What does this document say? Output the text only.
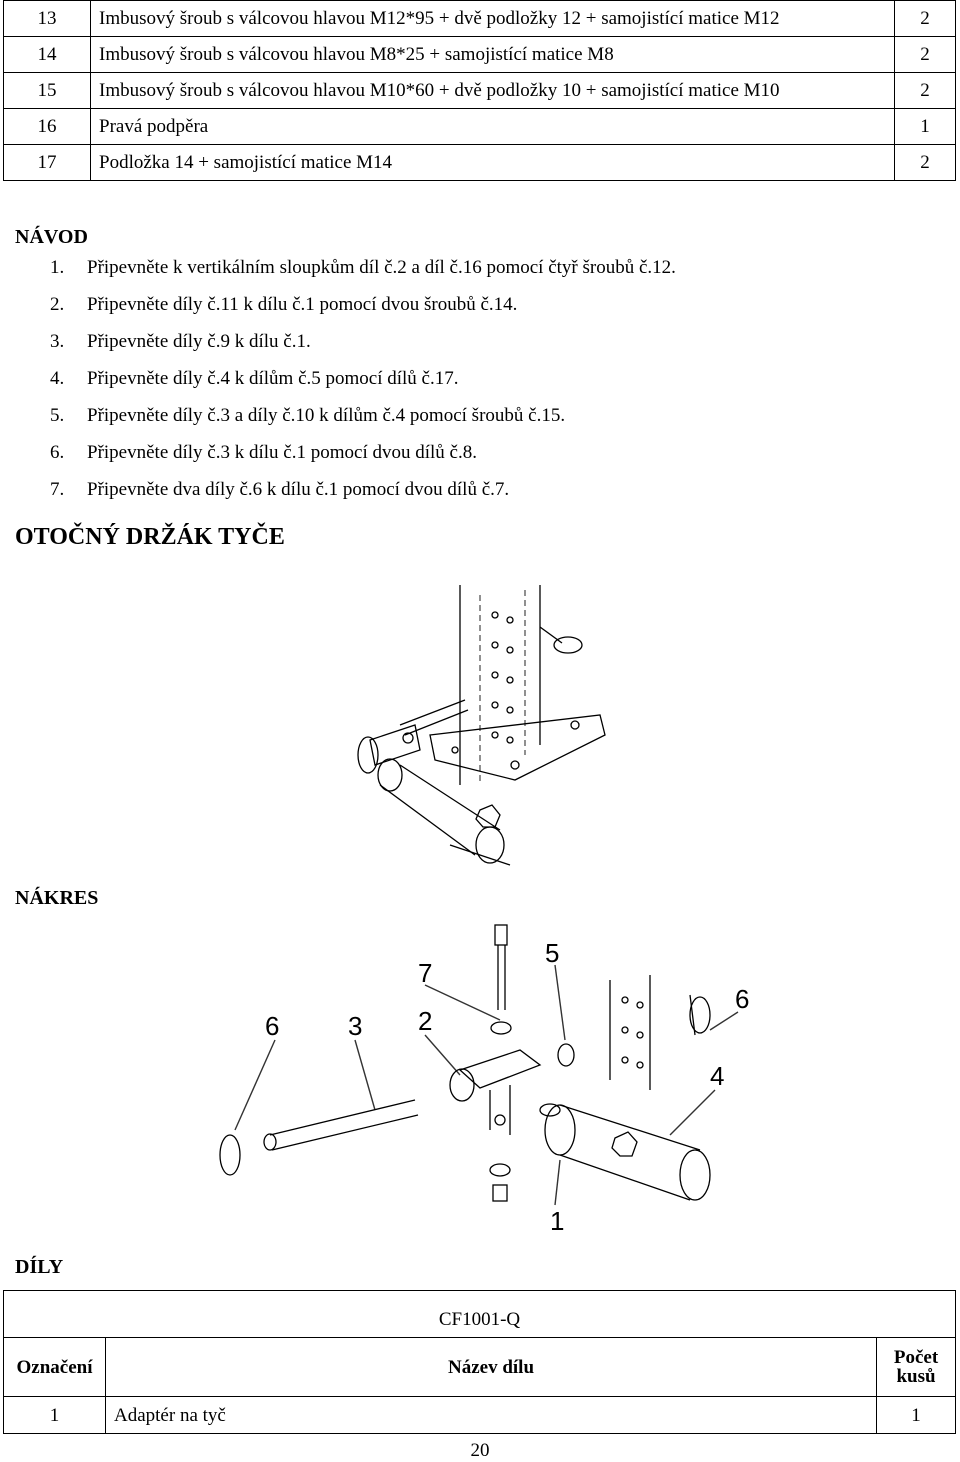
13	Imbusový šroub s válcovou hlavou M12*95 + dvě podložky 12 + samojistící matice M12	2
14	Imbusový šroub s válcovou hlavou M8*25 + samojistící matice M8	2
15	Imbusový šroub s válcovou hlavou M10*60 + dvě podložky 10 + samojistící matice M10	2
16	Pravá podpěra	1
17	Podložka 14 + samojistící matice M14	2
NÁVOD
1.	Připevněte k vertikálním sloupkům díl č.2 a díl č.16 pomocí čtyř šroubů č.12.
2.	Připevněte díly č.11 k dílu č.1 pomocí dvou šroubů č.14.
3.	Připevněte díly č.9 k dílu č.1.
4.	Připevněte díly č.4 k dílům č.5 pomocí dílů č.17.
5.	Připevněte díly č.3 a díly č.10 k dílům č.4 pomocí šroubů č.15.
6.	Připevněte díly č.3 k dílu č.1 pomocí dvou dílů č.8.
7.	Připevněte dva díly č.6 k dílu č.1 pomocí dvou dílů č.7.
OTOČNÝ DRŽÁK TYČE
NÁKRES
7
5
6
6	3 2
4
1
DÍLY
CF1001-Q		
Označení	Název dílu	Počet kusů
1	Adaptér na tyč	1
20
